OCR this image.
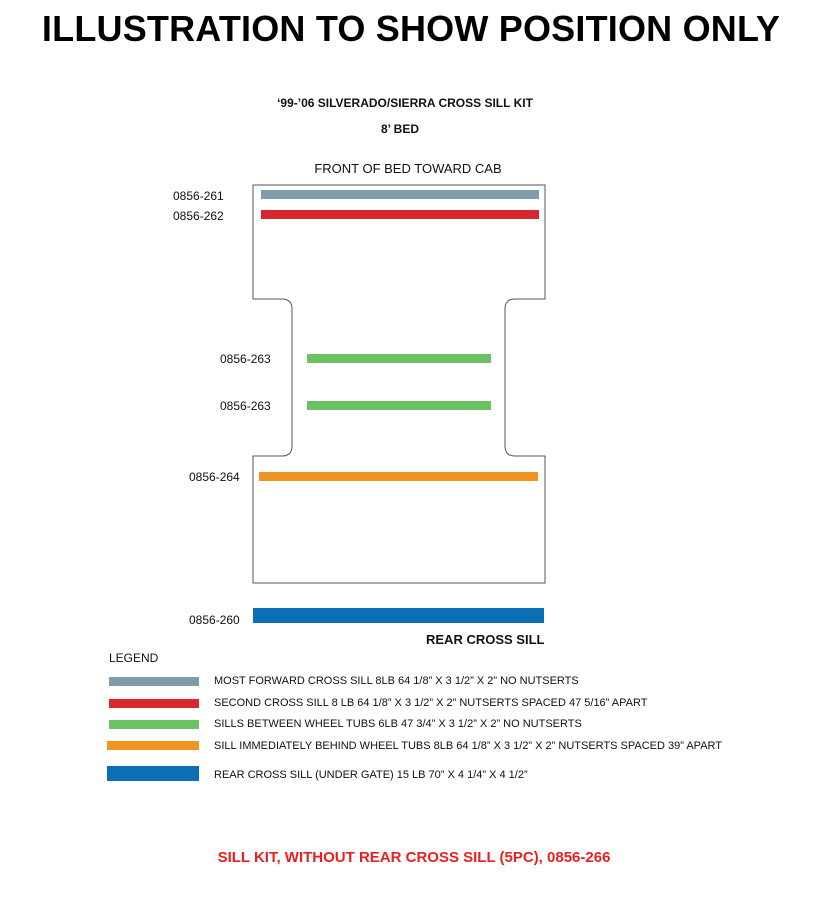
ILLUSTRATION TO SHOW POSITION ONLY
‘99-’06 SILVERADO/SIERRA CROSS SILL KIT
8’ BED
FRONT OF BED TOWARD CAB
0856-261
0856-262
0856-263
0856-263
0856-264
0856-260
REAR CROSS SILL
LEGEND
MOST FORWARD CROSS SILL 8LB 64 1/8” X 3 1/2” X 2” NO NUTSERTS
SECOND CROSS SILL 8 LB 64 1/8” X 3 1/2” X 2” NUTSERTS SPACED 47 5/16” APART
SILLS BETWEEN WHEEL TUBS 6LB 47 3/4” X 3 1/2” X 2” NO NUTSERTS
SILL IMMEDIATELY BEHIND WHEEL TUBS 8LB 64 1/8” X 3 1/2” X 2” NUTSERTS SPACED 39” APART
REAR CROSS SILL (UNDER GATE) 15 LB 70” X 4 1/4” X 4 1/2”
SILL KIT, WITHOUT REAR CROSS SILL (5PC), 0856-266
